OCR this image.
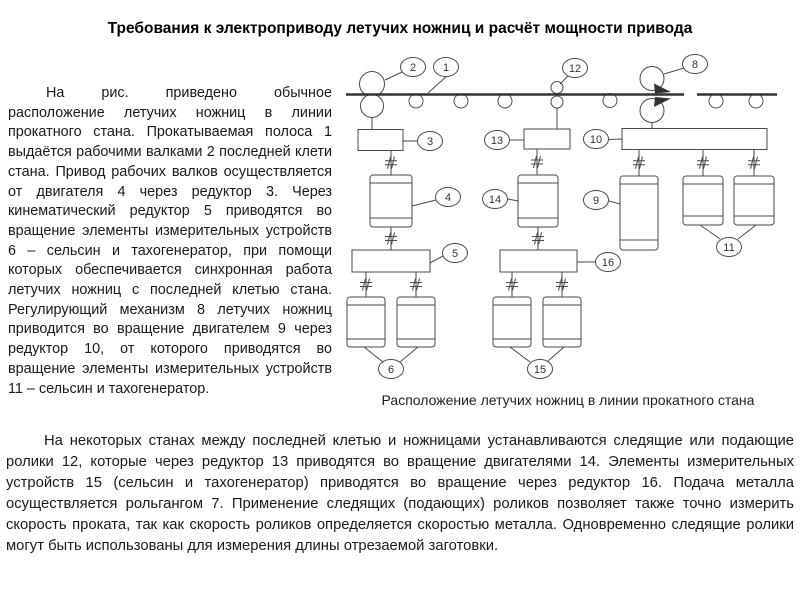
Требования к электроприводу летучих ножниц и расчёт мощности привода
На рис. приведено обычное расположение летучих ножниц в линии прокатного стана. Прокатываемая полоса 1 выдаётся рабочими валками 2 последней клети стана. Привод рабочих валков осуществляется от двигателя 4 через редуктор 3. Через кинематический редуктор 5 приводятся во вращение элементы измерительных устройств 6 – сельсин и тахогенератор, при помощи которых обеспечивается синхронная работа летучих ножниц с последней клетью стана. Регулирующий механизм 8 летучих ножниц приводится во вращение двигателем 9 через редуктор 10, от которого приводятся во вращение элементы измерительных устройств 11 – сельсин и тахогенератор.
1
2
3
4
5
6
8
9
10
11
12
13
14
15
16
Расположение летучих ножниц в линии прокатного стана
На некоторых станах между последней клетью и ножницами устанавливаются следящие или подающие ролики 12, которые через редуктор 13 приводятся во вращение двигателями 14. Элементы измерительных устройств 15 (сельсин и тахогенератор) приводятся во вращение через редуктор 16. Подача металла осуществляется рольгангом 7. Применение следящих (подающих) роликов позволяет также точно измерить скорость проката, так как скорость роликов определяется скоростью металла. Одновременно следящие ролики могут быть использованы для измерения длины отрезаемой заготовки.
